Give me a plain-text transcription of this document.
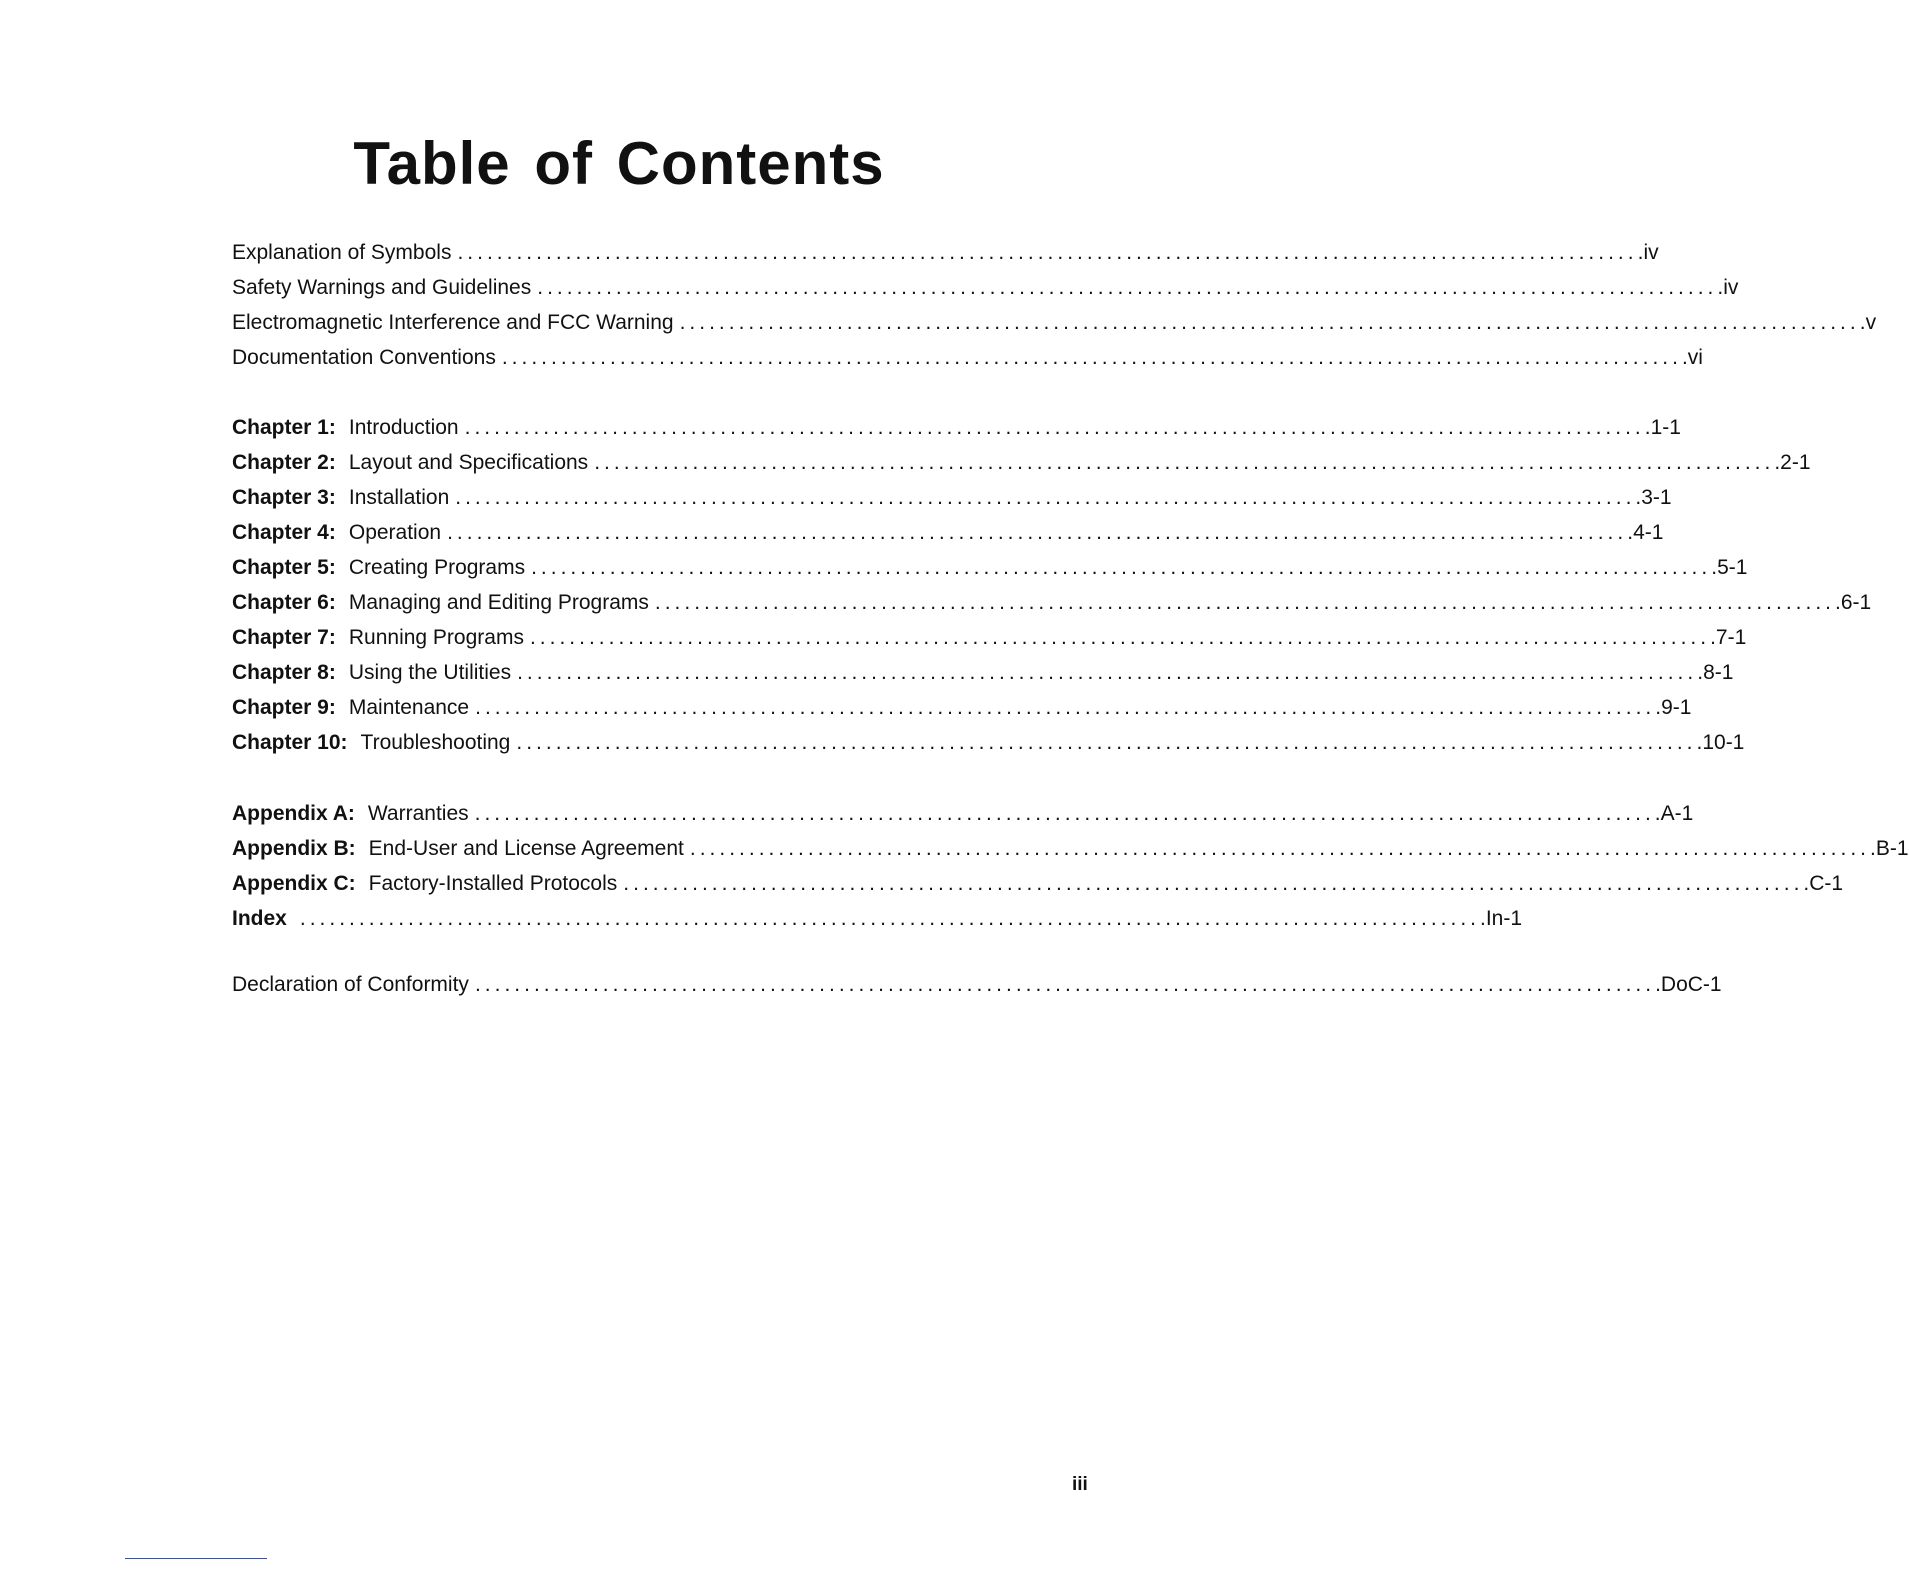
Table of Contents
Explanation of Symbols ........................................................................................................................ .iv
Safety Warnings and Guidelines ........................................................................................................................ .iv
Electromagnetic Interference and FCC Warning ........................................................................................................................ .v
Documentation Conventions ........................................................................................................................ .vi
Chapter 1: Introduction ........................................................................................................................ .1-1
Chapter 2: Layout and Specifications ........................................................................................................................ .2-1
Chapter 3: Installation ........................................................................................................................ .3-1
Chapter 4: Operation ........................................................................................................................ .4-1
Chapter 5: Creating Programs ........................................................................................................................ .5-1
Chapter 6: Managing and Editing Programs ........................................................................................................................ .6-1
Chapter 7: Running Programs ........................................................................................................................ .7-1
Chapter 8: Using the Utilities ........................................................................................................................ .8-1
Chapter 9: Maintenance ........................................................................................................................ .9-1
Chapter 10: Troubleshooting ........................................................................................................................ .10-1
Appendix A: Warranties ........................................................................................................................ .A-1
Appendix B: End-User and License Agreement ........................................................................................................................ .B-1
Appendix C: Factory-Installed Protocols ........................................................................................................................ .C-1
Index ........................................................................................................................ .In-1
Declaration of Conformity ........................................................................................................................ .DoC-1
iii
